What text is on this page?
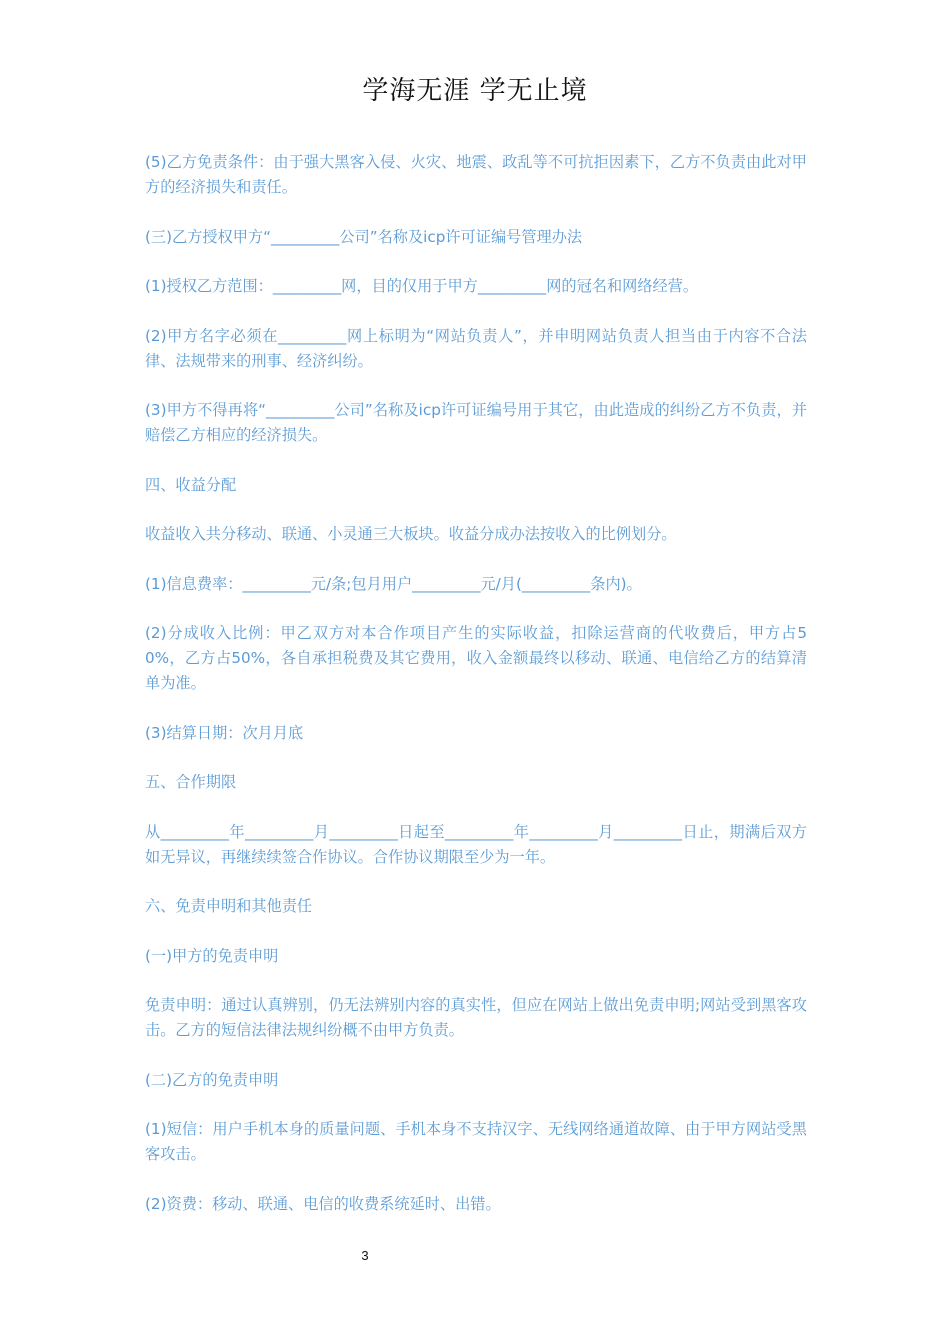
学海无涯 学无止境

(5)乙方免责条件：由于强大黑客入侵、火灾、地震、政乱等不可抗拒因素下，乙方不负责由此对甲方的经济损失和责任。

(三)乙方授权甲方“_________公司”名称及icp许可证编号管理办法

(1)授权乙方范围：_________网，目的仅用于甲方_________网的冠名和网络经营。

(2)甲方名字必须在_________网上标明为“网站负责人”，并申明网站负责人担当由于内容不合法律、法规带来的刑事、经济纠纷。

(3)甲方不得再将“_________公司”名称及icp许可证编号用于其它，由此造成的纠纷乙方不负责，并赔偿乙方相应的经济损失。

四、收益分配

收益收入共分移动、联通、小灵通三大板块。收益分成办法按收入的比例划分。

(1)信息费率：_________元/条;包月用户_________元/月(_________条内)。

(2)分成收入比例：甲乙双方对本合作项目产生的实际收益，扣除运营商的代收费后，甲方占50%，乙方占50%，各自承担税费及其它费用，收入金额最终以移动、联通、电信给乙方的结算清单为准。

(3)结算日期：次月月底

五、合作期限

从_________年_________月_________日起至_________年_________月_________日止，期满后双方如无异议，再继续续签合作协议。合作协议期限至少为一年。

六、免责申明和其他责任

(一)甲方的免责申明

免责申明：通过认真辨别，仍无法辨别内容的真实性，但应在网站上做出免责申明;网站受到黑客攻击。乙方的短信法律法规纠纷概不由甲方负责。

(二)乙方的免责申明

(1)短信：用户手机本身的质量问题、手机本身不支持汉字、无线网络通道故障、由于甲方网站受黑客攻击。

(2)资费：移动、联通、电信的收费系统延时、出错。

3
